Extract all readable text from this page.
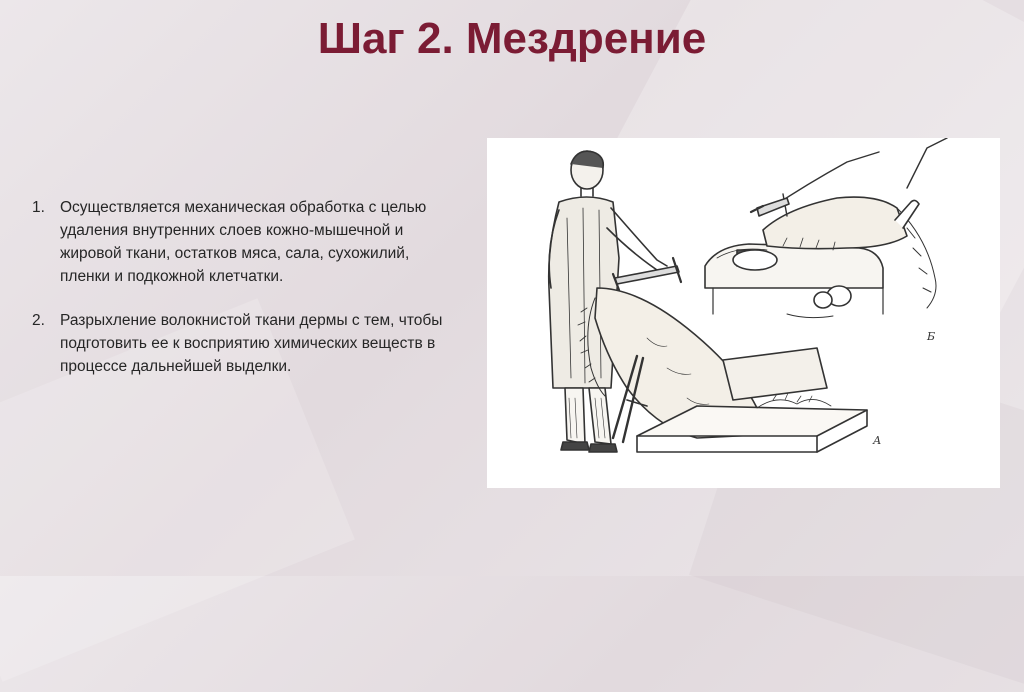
Шаг 2. Мездрение
1. Осуществляется механическая обработка с целью удаления внутренних слоев кожно-мышечной и жировой ткани, остатков мяса, сала, сухожилий, пленки и подкожной клетчатки.
2. Разрыхление волокнистой ткани дермы с тем, чтобы подготовить ее к восприятию химических веществ в процессе дальнейшей выделки.
А
Б
